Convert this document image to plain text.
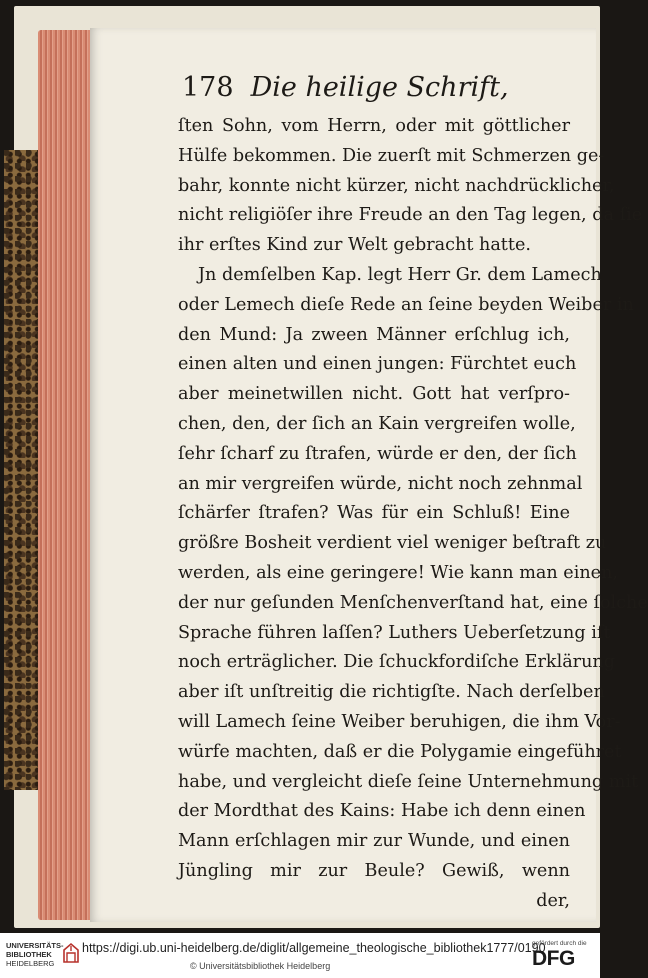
178 Die heilige Schrift,
ſten Sohn, vom Herrn, oder mit göttlicher
Hülfe bekommen. Die zuerſt mit Schmerzen ge-
bahr, konnte nicht kürzer, nicht nachdrücklicher,
nicht religiöſer ihre Freude an den Tag legen, da ſie
ihr erſtes Kind zur Welt gebracht hatte.
Jn demſelben Kap. legt Herr Gr. dem Lamech
oder Lemech dieſe Rede an ſeine beyden Weiber in
den Mund: Ja zween Männer erſchlug ich,
einen alten und einen jungen: Fürchtet euch
aber meinetwillen nicht. Gott hat verſpro-
chen, den, der ſich an Kain vergreifen wolle,
ſehr ſcharf zu ſtrafen, würde er den, der ſich
an mir vergreifen würde, nicht noch zehnmal
ſchärfer ſtrafen? Was für ein Schluß! Eine
größre Bosheit verdient viel weniger beſtraft zu
werden, als eine geringere! Wie kann man einen,
der nur geſunden Menſchenverſtand hat, eine ſolche
Sprache führen laſſen? Luthers Ueberſetzung iſt
noch erträglicher. Die ſchuckfordiſche Erklärung
aber iſt unſtreitig die richtigſte. Nach derſelben
will Lamech ſeine Weiber beruhigen, die ihm Vor-
würfe machten, daß er die Polygamie eingeführet
habe, und vergleicht dieſe ſeine Unternehmung mit
der Mordthat des Kains: Habe ich denn einen
Mann erſchlagen mir zur Wunde, und einen
Jüngling mir zur Beule? Gewiß, wenn
der,
UNIVERSITÄTS-
BIBLIOTHEK
HEIDELBERG
https://digi.ub.uni-heidelberg.de/diglit/allgemeine_theologische_bibliothek1777/0190
© Universitätsbibliothek Heidelberg
gefördert durch die
DFG
